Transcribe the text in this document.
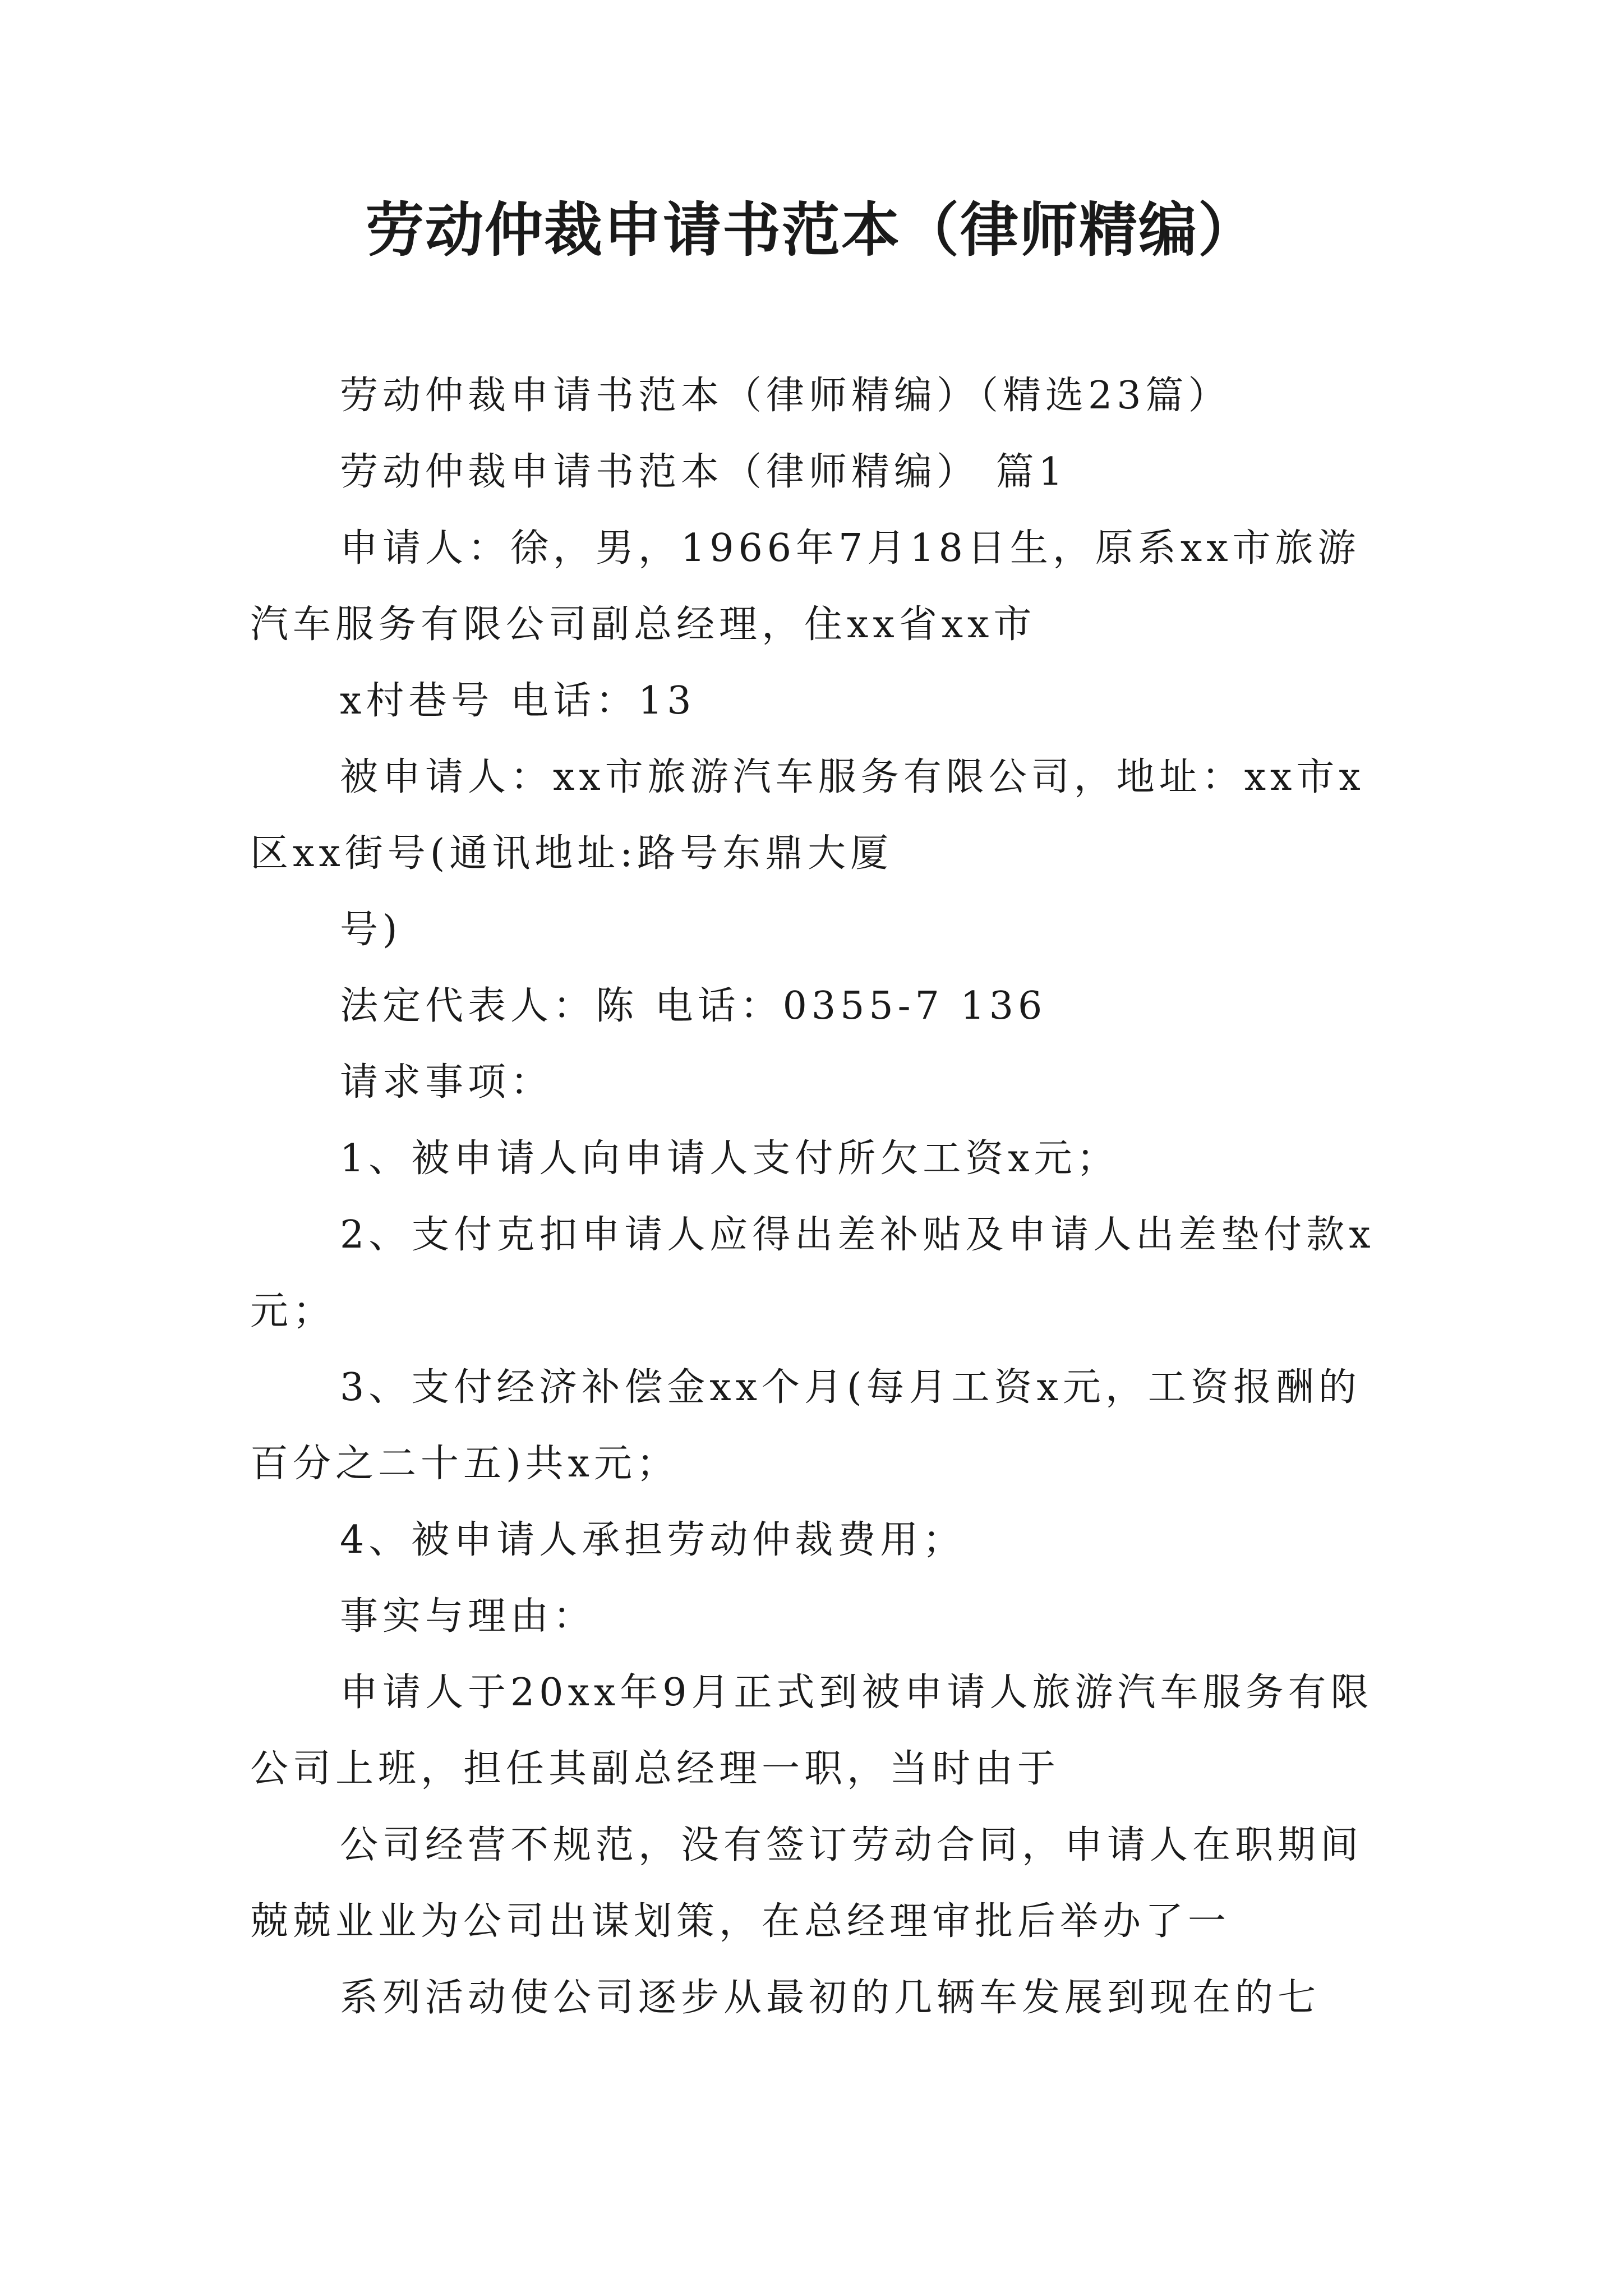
劳动仲裁申请书范本（律师精编）

劳动仲裁申请书范本（律师精编）（精选23篇）

劳动仲裁申请书范本（律师精编） 篇1

申请人：徐，男，1966年7月18日生，原系xx市旅游汽车服务有限公司副总经理，住xx省xx市

x村巷号 电话：13

被申请人：xx市旅游汽车服务有限公司，地址：xx市x区xx街号(通讯地址:路号东鼎大厦

号)

法定代表人：陈 电话：0355-7 136

请求事项：

1、被申请人向申请人支付所欠工资x元；

2、支付克扣申请人应得出差补贴及申请人出差垫付款x元；

3、支付经济补偿金xx个月(每月工资x元，工资报酬的百分之二十五)共x元；

4、被申请人承担劳动仲裁费用；

事实与理由：

申请人于20xx年9月正式到被申请人旅游汽车服务有限公司上班，担任其副总经理一职，当时由于

公司经营不规范，没有签订劳动合同，申请人在职期间兢兢业业为公司出谋划策，在总经理审批后举办了一

系列活动使公司逐步从最初的几辆车发展到现在的七
